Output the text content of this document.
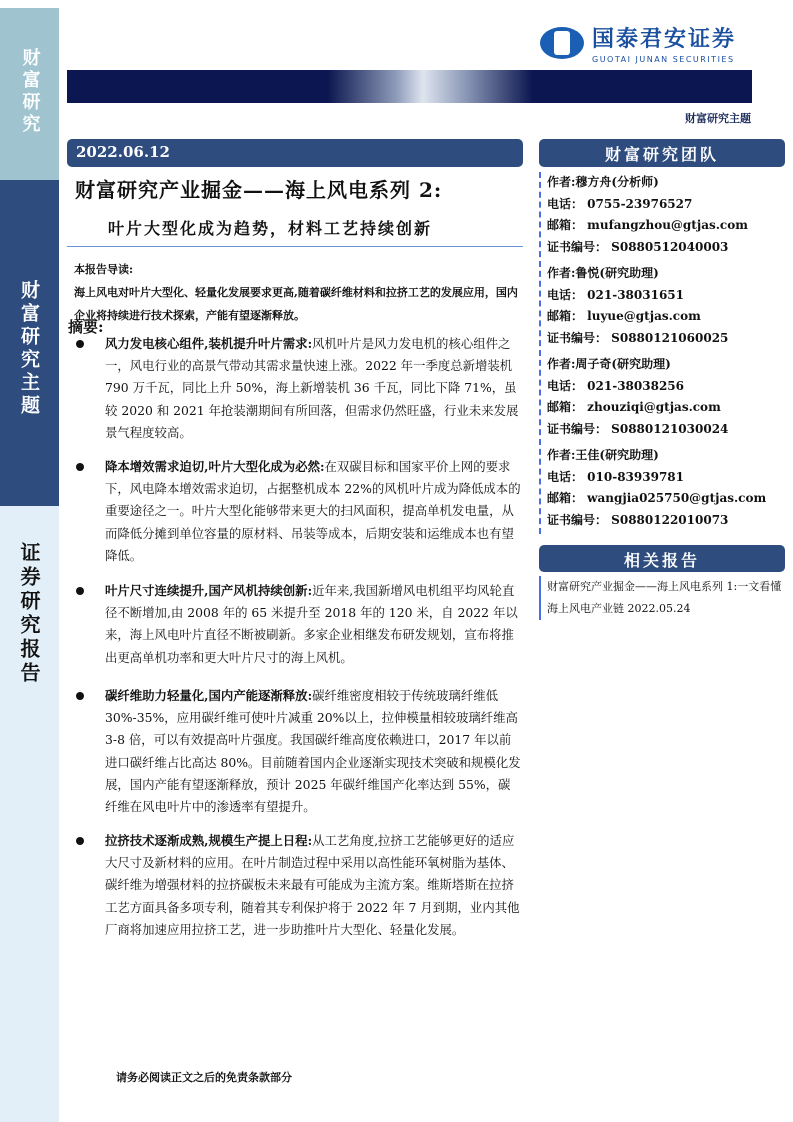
财富研究
财富研究主题
证券研究报告
国泰君安证券
GUOTAI JUNAN SECURITIES
财富研究主题
2022.06.12
财富研究产业掘金——海上风电系列 2:
叶片大型化成为趋势，材料工艺持续创新
本报告导读:
海上风电对叶片大型化、轻量化发展要求更高,随着碳纤维材料和拉挤工艺的发展应用，国内企业将持续进行技术探索，产能有望逐渐释放。
摘要:
风力发电核心组件,装机提升叶片需求:风机叶片是风力发电机的核心组件之一，风电行业的高景气带动其需求量快速上涨。2022 年一季度总新增装机 790 万千瓦，同比上升 50%，海上新增装机 36 千瓦，同比下降 71%，虽较 2020 和 2021 年抢装潮期间有所回落，但需求仍然旺盛，行业未来发展景气程度较高。
降本增效需求迫切,叶片大型化成为必然:在双碳目标和国家平价上网的要求下，风电降本增效需求迫切，占据整机成本 22%的风机叶片成为降低成本的重要途径之一。叶片大型化能够带来更大的扫风面积，提高单机发电量，从而降低分摊到单位容量的原材料、吊装等成本，后期安装和运维成本也有望降低。
叶片尺寸连续提升,国产风机持续创新:近年来,我国新增风电机组平均风轮直径不断增加,由 2008 年的 65 米提升至 2018 年的 120 米，自 2022 年以来，海上风电叶片直径不断被刷新。多家企业相继发布研发规划，宣布将推出更高单机功率和更大叶片尺寸的海上风机。
碳纤维助力轻量化,国内产能逐渐释放:碳纤维密度相较于传统玻璃纤维低 30%-35%，应用碳纤维可使叶片减重 20%以上，拉伸模量相较玻璃纤维高 3-8 倍，可以有效提高叶片强度。我国碳纤维高度依赖进口，2017 年以前进口碳纤维占比高达 80%。目前随着国内企业逐渐实现技术突破和规模化发展，国内产能有望逐渐释放，预计 2025 年碳纤维国产化率达到 55%，碳纤维在风电叶片中的渗透率有望提升。
拉挤技术逐渐成熟,规模生产提上日程:从工艺角度,拉挤工艺能够更好的适应大尺寸及新材料的应用。在叶片制造过程中采用以高性能环氧树脂为基体、碳纤维为增强材料的拉挤碳板未来最有可能成为主流方案。维斯塔斯在拉挤工艺方面具备多项专利，随着其专利保护将于 2022 年 7 月到期，业内其他厂商将加速应用拉挤工艺，进一步助推叶片大型化、轻量化发展。
财富研究团队
作者:穆方舟(分析师)
电话： 0755-23976527
邮箱： mufangzhou@gtjas.com
证书编号： S0880512040003
作者:鲁悦(研究助理)
电话： 021-38031651
邮箱： luyue@gtjas.com
证书编号： S0880121060025
作者:周子奇(研究助理)
电话： 021-38038256
邮箱： zhouziqi@gtjas.com
证书编号： S0880121030024
作者:王佳(研究助理)
电话： 010-83939781
邮箱： wangjia025750@gtjas.com
证书编号： S0880122010073
相关报告
财富研究产业掘金——海上风电系列 1:一文看懂海上风电产业链 2022.05.24
请务必阅读正文之后的免责条款部分
